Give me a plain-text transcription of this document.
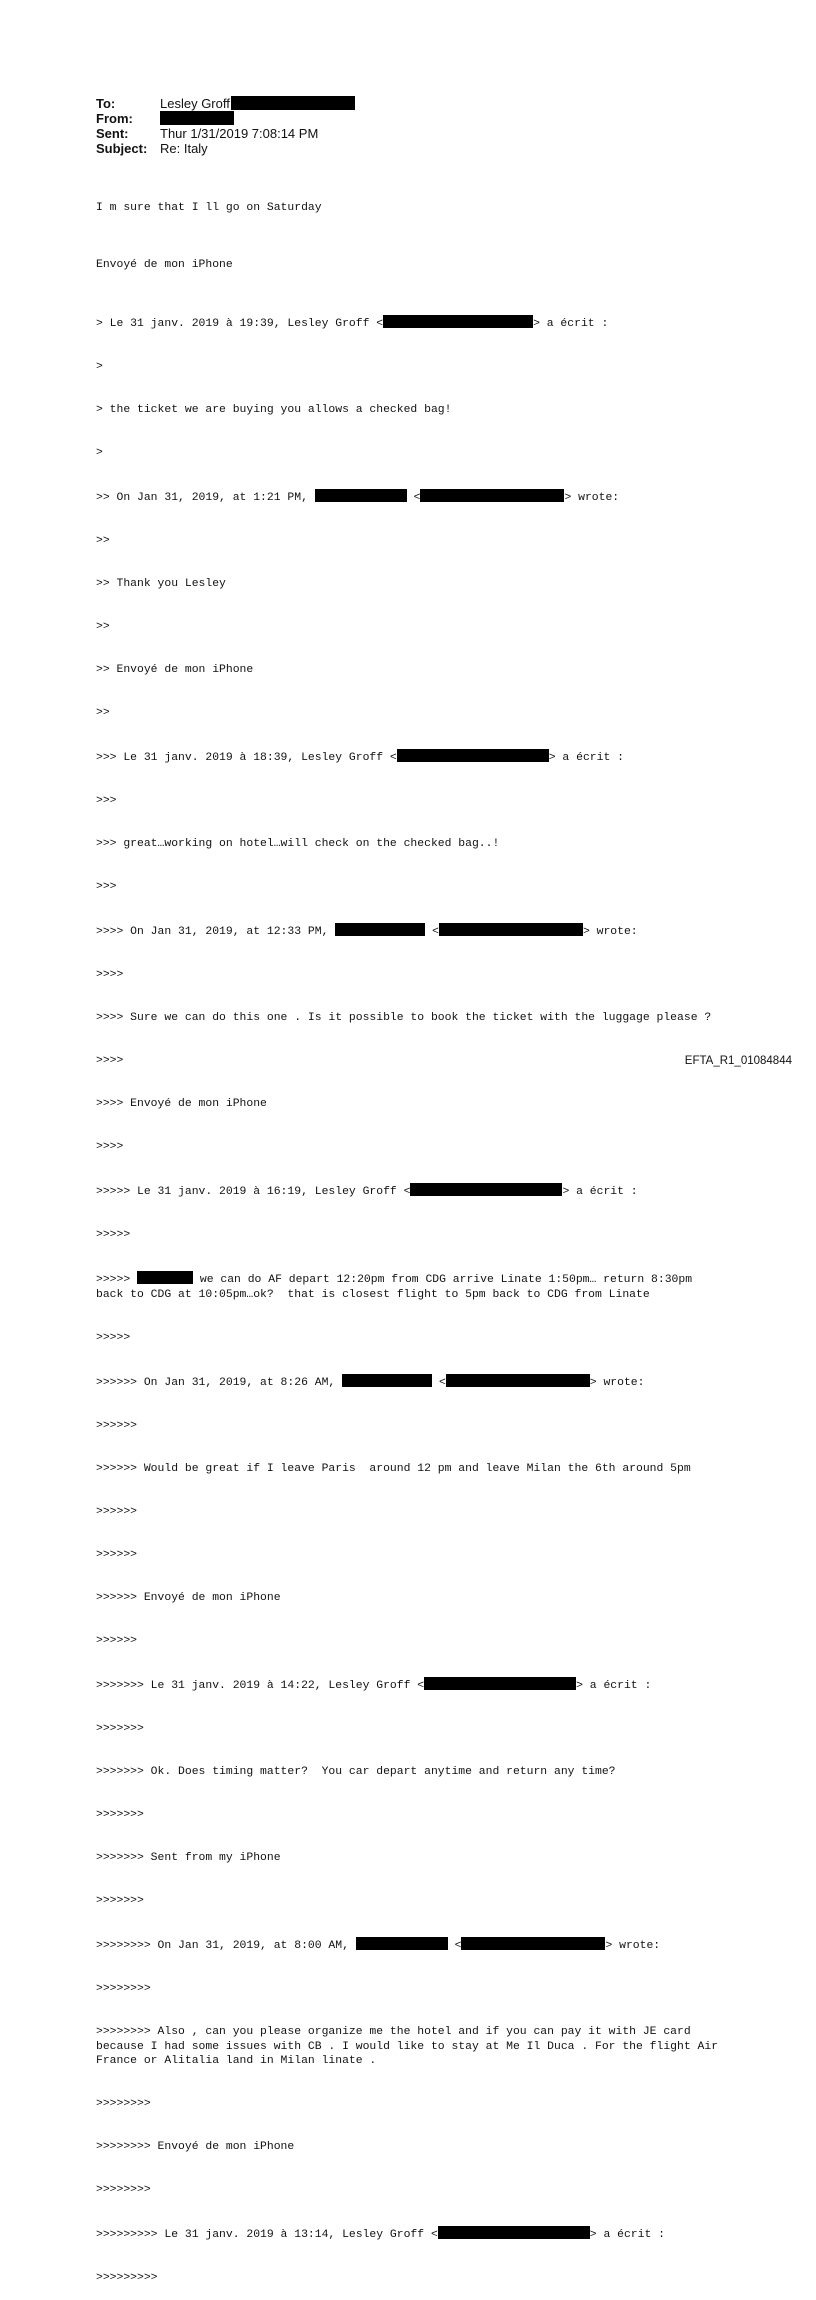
To:	Lesley Groff
From:
Sent: Thur 1/31/2019 7:08:14 PM
Subject: Re: Italy

I m sure that I ll go on Saturday

Envoyé de mon iPhone

> Le 31 janv. 2019 à 19:39, Lesley Groff <	> a écrit :

>

> the ticket we are buying you allows a checked bag!

>

>> On Jan 31, 2019, at 1:21 PM,	<	> wrote:

>>

>> Thank you Lesley

>>

>> Envoyé de mon iPhone

>>

>>> Le 31 janv. 2019 à 18:39, Lesley Groff <	> a écrit :

>>>

>>> great…working on hotel…will check on the checked bag..!

>>>

>>>> On Jan 31, 2019, at 12:33 PM,	<	> wrote:

>>>>

>>>> Sure we can do this one . Is it possible to book the ticket with the luggage please ?

>>>>

>>>> Envoyé de mon iPhone

>>>>

>>>>> Le 31 janv. 2019 à 16:19, Lesley Groff <	> a écrit :

>>>>>

>>>>>	we can do AF depart 12:20pm from CDG arrive Linate 1:50pm… return 8:30pm back to CDG at 10:05pm…ok?  that is closest flight to 5pm back to CDG from Linate

>>>>>

>>>>>> On Jan 31, 2019, at 8:26 AM,	<	> wrote:

>>>>>>

>>>>>> Would be great if I leave Paris  around 12 pm and leave Milan the 6th around 5pm

>>>>>>

>>>>>>

>>>>>> Envoyé de mon iPhone

>>>>>>

>>>>>>> Le 31 janv. 2019 à 14:22, Lesley Groff <	> a écrit :

>>>>>>>

>>>>>>> Ok. Does timing matter?  You car depart anytime and return any time?

>>>>>>>

>>>>>>> Sent from my iPhone

>>>>>>>

>>>>>>>> On Jan 31, 2019, at 8:00 AM,	<	> wrote:

>>>>>>>>

>>>>>>>> Also , can you please organize me the hotel and if you can pay it with JE card because I had some issues with CB . I would like to stay at Me Il Duca . For the flight Air France or Alitalia land in Milan linate .

>>>>>>>>

>>>>>>>> Envoyé de mon iPhone

>>>>>>>>

>>>>>>>>> Le 31 janv. 2019 à 13:14, Lesley Groff <	> a écrit :

>>>>>>>>>

EFTA_R1_01084844
